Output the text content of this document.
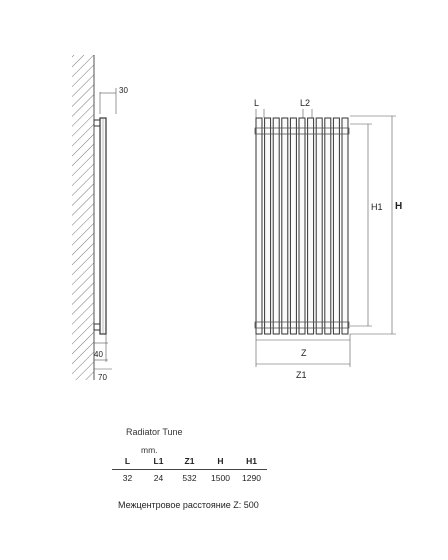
30
40
70
L	L2
H1 H
Z
Z1
Radiator Tune
mm.
L	L1	Z1	H	H1
32	24	532	1500	1290
Межцентровое расстояние Z: 500
